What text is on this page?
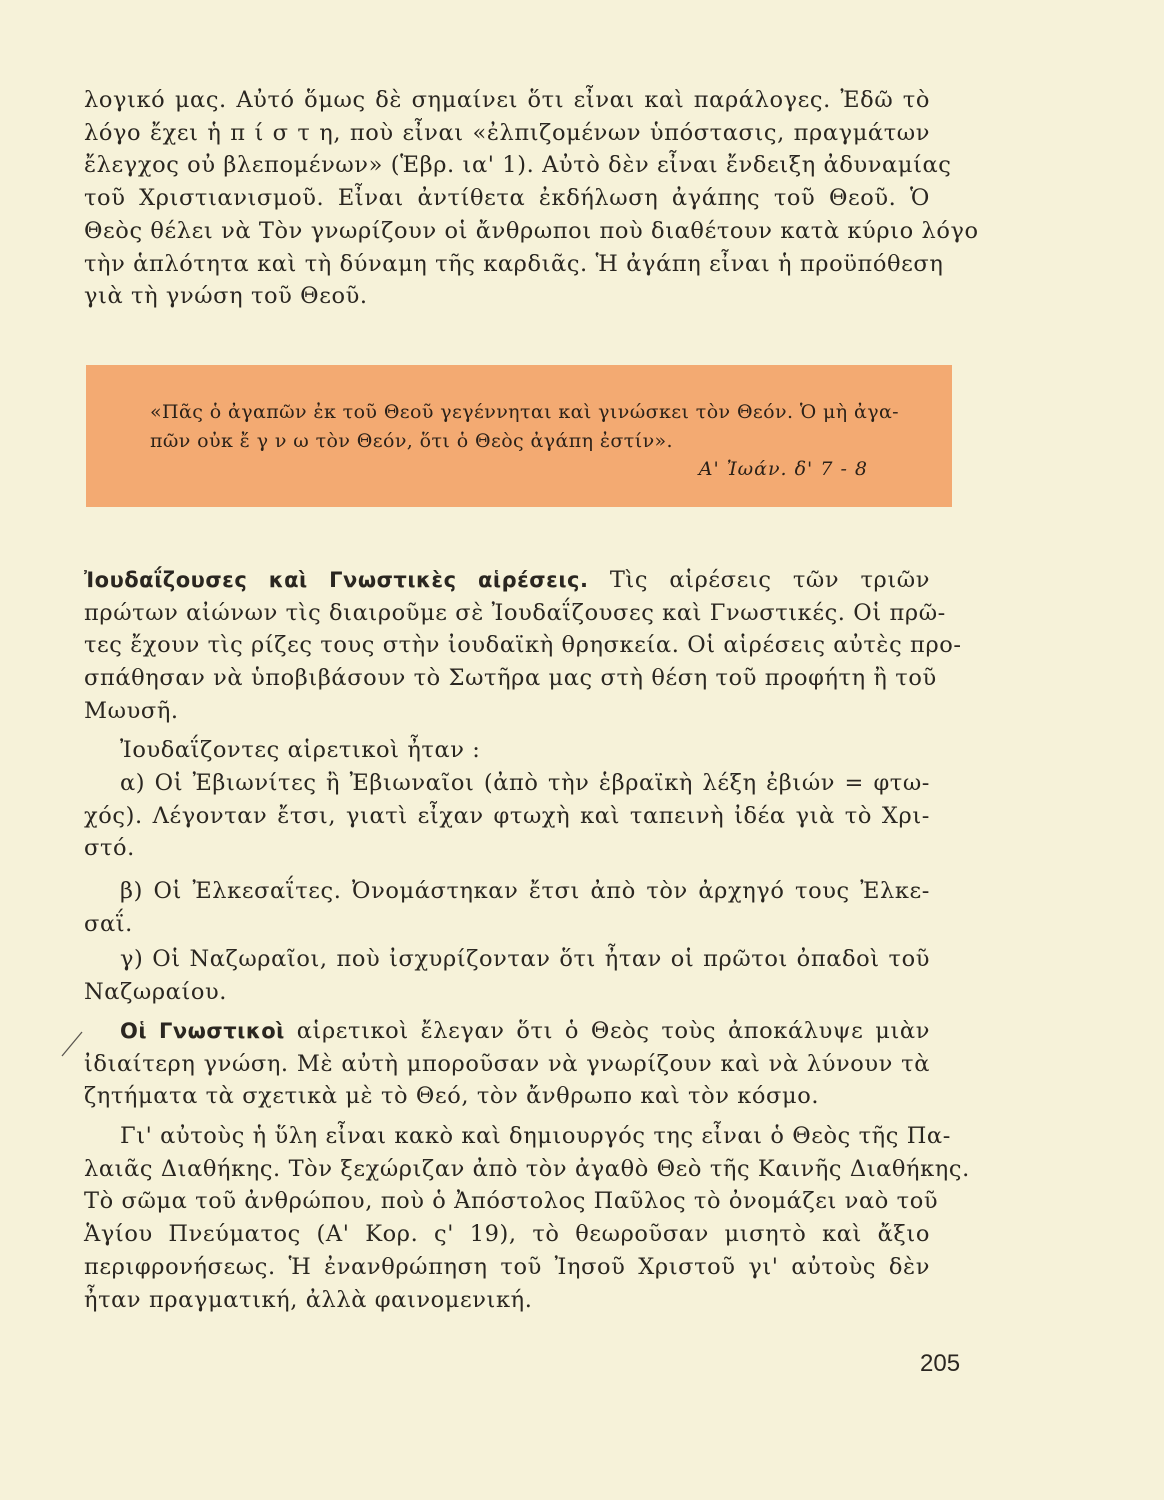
λογικό μας. Αὐτό ὅμως δὲ σημαίνει ὅτι εἶναι καὶ παράλογες. Ἐδῶ τὸ
λόγο ἔχει ἡ π ί σ τ η, ποὺ εἶναι «ἐλπιζομένων ὑπόστασις, πραγμάτων
ἔλεγχος οὐ βλεπομένων» (Ἑβρ. ια' 1). Αὐτὸ δὲν εἶναι ἔνδειξη ἀδυναμίας
τοῦ Χριστιανισμοῦ. Εἶναι ἀντίθετα ἐκδήλωση ἀγάπης τοῦ Θεοῦ. Ὁ
Θεὸς θέλει νὰ Τὸν γνωρίζουν οἱ ἄνθρωποι ποὺ διαθέτουν κατὰ κύριο λόγο
τὴν ἁπλότητα καὶ τὴ δύναμη τῆς καρδιᾶς. Ἡ ἀγάπη εἶναι ἡ προϋπόθεση
γιὰ τὴ γνώση τοῦ Θεοῦ.
«Πᾶς ὁ ἀγαπῶν ἐκ τοῦ Θεοῦ γεγέννηται καὶ γινώσκει τὸν Θεόν. Ὁ μὴ ἀγα-
πῶν οὐκ ἔ γ ν ω τὸν Θεόν, ὅτι ὁ Θεὸς ἀγάπη ἐστίν».
Α' Ἰωάν. δ' 7 - 8
Ἰουδαΐζουσες καὶ Γνωστικὲς αἱρέσεις. Τὶς αἱρέσεις τῶν τριῶν
πρώτων αἰώνων τὶς διαιροῦμε σὲ Ἰουδαΐζουσες καὶ Γνωστικές. Οἱ πρῶ-
τες ἔχουν τὶς ρίζες τους στὴν ἰουδαϊκὴ θρησκεία. Οἱ αἱρέσεις αὐτὲς προ-
σπάθησαν νὰ ὑποβιβάσουν τὸ Σωτῆρα μας στὴ θέση τοῦ προφήτη ἢ τοῦ
Μωυσῆ.
Ἰουδαΐζοντες αἱρετικοὶ ἦταν :
α) Οἱ Ἐβιωνίτες ἢ Ἐβιωναῖοι (ἀπὸ τὴν ἑβραϊκὴ λέξη ἐβιών = φτω-
χός). Λέγονταν ἔτσι, γιατὶ εἶχαν φτωχὴ καὶ ταπεινὴ ἰδέα γιὰ τὸ Χρι-
στό.
β) Οἱ Ἐλκεσαΐτες. Ὀνομάστηκαν ἔτσι ἀπὸ τὸν ἀρχηγό τους Ἐλκε-
σαΐ.
γ) Οἱ Ναζωραῖοι, ποὺ ἰσχυρίζονταν ὅτι ἦταν οἱ πρῶτοι ὀπαδοὶ τοῦ
Ναζωραίου.
Οἱ Γνωστικοὶ αἱρετικοὶ ἔλεγαν ὅτι ὁ Θεὸς τοὺς ἀποκάλυψε μιὰν
ἰδιαίτερη γνώση. Μὲ αὐτὴ μποροῦσαν νὰ γνωρίζουν καὶ νὰ λύνουν τὰ
ζητήματα τὰ σχετικὰ μὲ τὸ Θεό, τὸν ἄνθρωπο καὶ τὸν κόσμο.
Γι' αὐτοὺς ἡ ὕλη εἶναι κακὸ καὶ δημιουργός της εἶναι ὁ Θεὸς τῆς Πα-
λαιᾶς Διαθήκης. Τὸν ξεχώριζαν ἀπὸ τὸν ἀγαθὸ Θεὸ τῆς Καινῆς Διαθήκης.
Τὸ σῶμα τοῦ ἀνθρώπου, ποὺ ὁ Ἀπόστολος Παῦλος τὸ ὀνομάζει ναὸ τοῦ
Ἁγίου Πνεύματος (Α' Κορ. ς' 19), τὸ θεωροῦσαν μισητὸ καὶ ἄξιο
περιφρονήσεως. Ἡ ἐνανθρώπηση τοῦ Ἰησοῦ Χριστοῦ γι' αὐτοὺς δὲν
ἦταν πραγματική, ἀλλὰ φαινομενική.
205
